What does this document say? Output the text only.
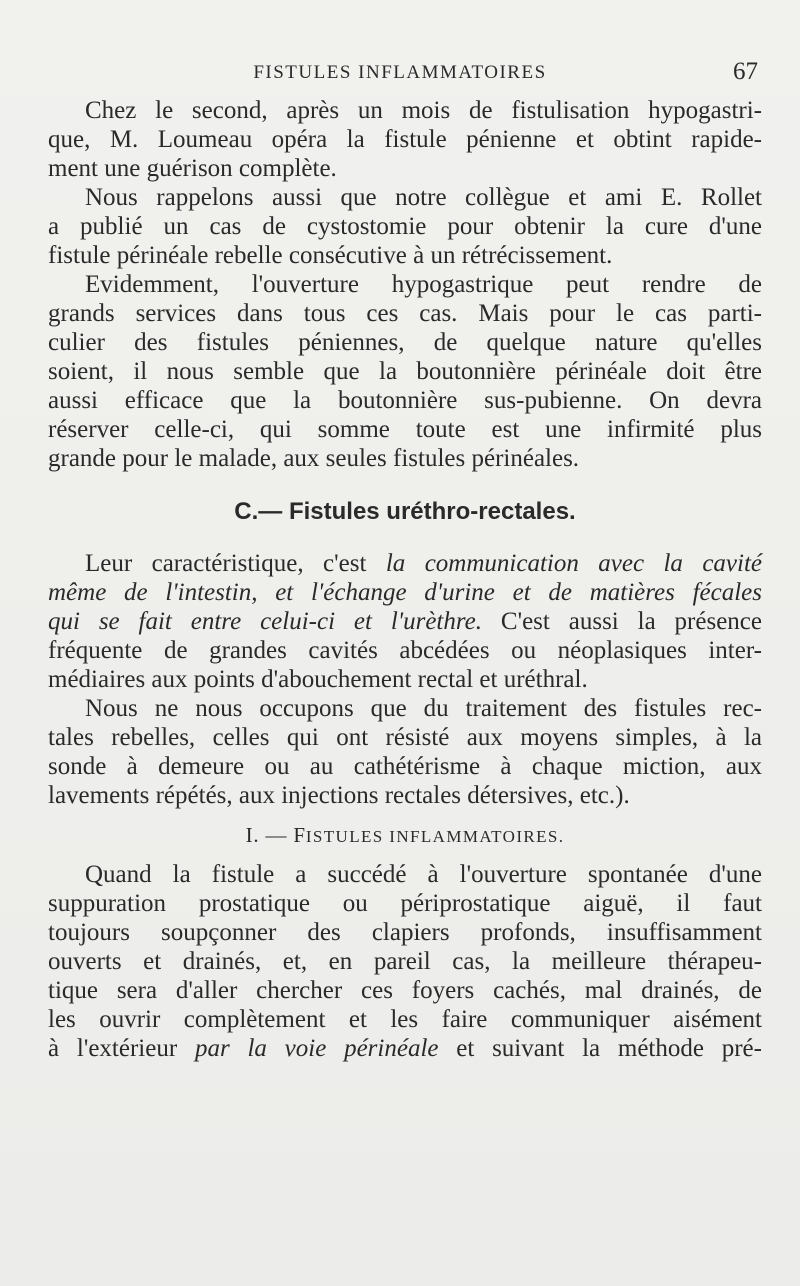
FISTULES INFLAMMATOIRES	67
Chez le second, après un mois de fistulisation hypogastri-
que, M. Loumeau opéra la fistule pénienne et obtint rapide-
ment une guérison complète.
Nous rappelons aussi que notre collègue et ami E. Rollet
a publié un cas de cystostomie pour obtenir la cure d'une
fistule périnéale rebelle consécutive à un rétrécissement.
Evidemment, l'ouverture hypogastrique peut rendre de
grands services dans tous ces cas. Mais pour le cas parti-
culier des fistules péniennes, de quelque nature qu'elles
soient, il nous semble que la boutonnière périnéale doit être
aussi efficace que la boutonnière sus-pubienne. On devra
réserver celle-ci, qui somme toute est une infirmité plus
grande pour le malade, aux seules fistules périnéales.
C.— Fistules uréthro-rectales.
Leur caractéristique, c'est la communication avec la cavité
même de l'intestin, et l'échange d'urine et de matières fécales
qui se fait entre celui-ci et l'urèthre. C'est aussi la présence
fréquente de grandes cavités abcédées ou néoplasiques inter-
médiaires aux points d'abouchement rectal et uréthral.
Nous ne nous occupons que du traitement des fistules rec-
tales rebelles, celles qui ont résisté aux moyens simples, à la
sonde à demeure ou au cathétérisme à chaque miction, aux
lavements répétés, aux injections rectales détersives, etc.).
I. — FISTULES INFLAMMATOIRES.
Quand la fistule a succédé à l'ouverture spontanée d'une
suppuration prostatique ou périprostatique aiguë, il faut
toujours soupçonner des clapiers profonds, insuffisamment
ouverts et drainés, et, en pareil cas, la meilleure thérapeu-
tique sera d'aller chercher ces foyers cachés, mal drainés, de
les ouvrir complètement et les faire communiquer aisément
à l'extérieur par la voie périnéale et suivant la méthode pré-
